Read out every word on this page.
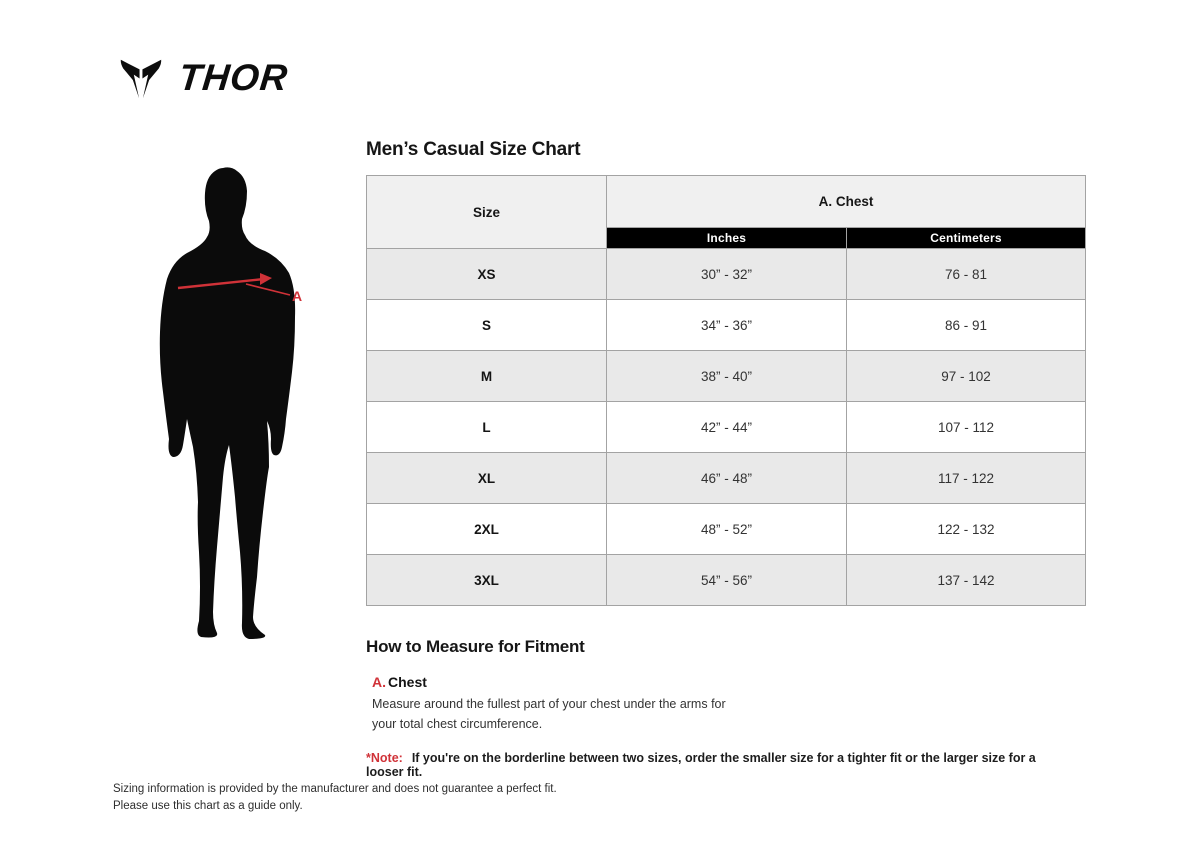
THOR
A
Men’s Casual Size Chart
Size	A. Chest	
	Inches	Centimeters
XS	30” - 32”	76 - 81
S	34” - 36”	86 - 91
M	38” - 40”	97 - 102
L	42” - 44”	107 - 112
XL	46” - 48”	117 - 122
2XL	48” - 52”	122 - 132
3XL	54” - 56”	137 - 142
How to Measure for Fitment
A. Chest

Measure around the fullest part of your chest under the arms for your total chest circumference.

*Note: If you're on the borderline between two sizes, order the smaller size for a tighter fit or the larger size for a looser fit.

Sizing information is provided by the manufacturer and does not guarantee a perfect fit.

Please use this chart as a guide only.
